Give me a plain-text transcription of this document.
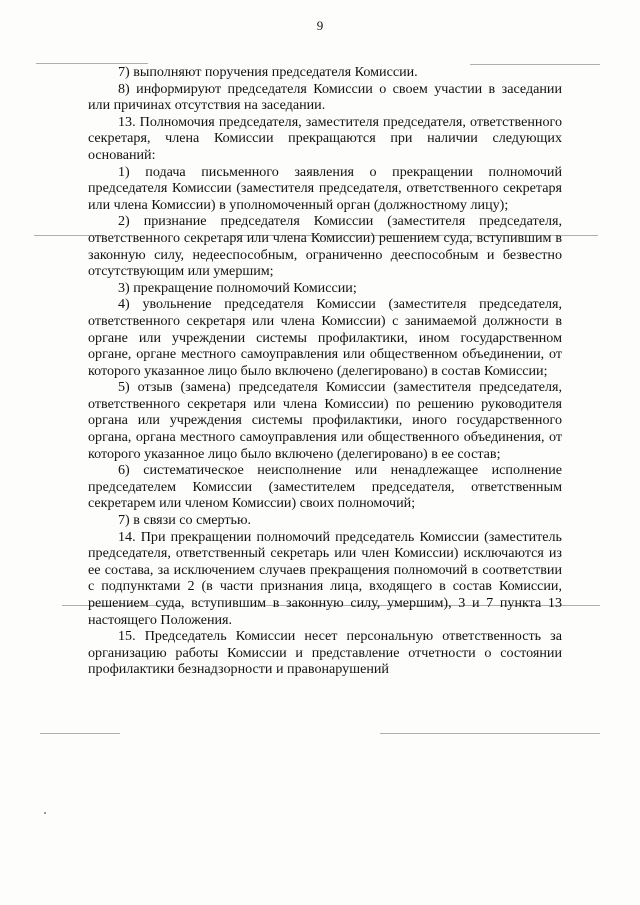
9

7) выполняют поручения председателя Комиссии.

8) информируют председателя Комиссии о своем участии в заседании или причинах отсутствия на заседании.

13. Полномочия председателя, заместителя председателя, ответственного секретаря, члена Комиссии прекращаются при наличии следующих оснований:

1) подача письменного заявления о прекращении полномочий председателя Комиссии (заместителя председателя, ответственного секретаря или члена Комиссии) в уполномоченный орган (должностному лицу);

2) признание председателя Комиссии (заместителя председателя, ответственного секретаря или члена Комиссии) решением суда, вступившим в законную силу, недееспособным, ограниченно дееспособным и безвестно отсутствующим или умершим;

3) прекращение полномочий Комиссии;

4) увольнение председателя Комиссии (заместителя председателя, ответственного секретаря или члена Комиссии) с занимаемой должности в органе или учреждении системы профилактики, ином государственном органе, органе местного самоуправления или общественном объединении, от которого указанное лицо было включено (делегировано) в состав Комиссии;

5) отзыв (замена) председателя Комиссии (заместителя председателя, ответственного секретаря или члена Комиссии) по решению руководителя органа или учреждения системы профилактики, иного государственного органа, органа местного самоуправления или общественного объединения, от которого указанное лицо было включено (делегировано) в ее состав;

6) систематическое неисполнение или ненадлежащее исполнение председателем Комиссии (заместителем председателя, ответственным секретарем или членом Комиссии) своих полномочий;

7) в связи со смертью.

14. При прекращении полномочий председатель Комиссии (заместитель председателя, ответственный секретарь или член Комиссии) исключаются из ее состава, за исключением случаев прекращения полномочий в соответствии с подпунктами 2 (в части признания лица, входящего в состав Комиссии, решением суда, вступившим в законную силу, умершим), 3 и 7 пункта 13 настоящего Положения.

15. Председатель Комиссии несет персональную ответственность за организацию работы Комиссии и представление отчетности о состоянии профилактики безнадзорности и правонарушений
